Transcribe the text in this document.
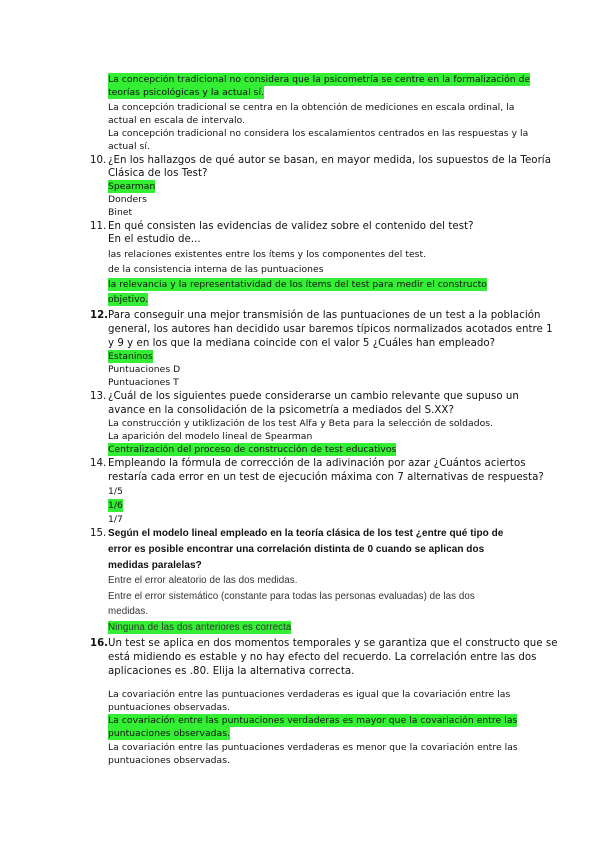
La concepción tradicional no considera que la psicometría se centre en la formalización de
teorías psicológicas y la actual sí.
La concepción tradicional se centra en la obtención de mediciones en escala ordinal, la
actual en escala de intervalo.
La concepción tradicional no considera los escalamientos centrados en las respuestas y la
actual sí.
10. ¿En los hallazgos de qué autor se basan, en mayor medida, los supuestos de la Teoría
Clásica de los Test?
Spearman
Donders
Binet
11. En qué consisten las evidencias de validez sobre el contenido del test?
En el estudio de...
las relaciones existentes entre los ítems y los componentes del test.
de la consistencia interna de las puntuaciones
la relevancia y la representatividad de los ítems del test para medir el constructo
objetivo.
12. Para conseguir una mejor transmisión de las puntuaciones de un test a la población
general, los autores han decidido usar baremos típicos normalizados acotados entre 1
y 9 y en los que la mediana coincide con el valor 5 ¿Cuáles han empleado?
Estaninos
Puntuaciones D
Puntuaciones T
13. ¿Cuál de los siguientes puede considerarse un cambio relevante que supuso un
avance en la consolidación de la psicometría a mediados del S.XX?
La construcción y utiklización de los test Alfa y Beta para la selección de soldados.
La aparición del modelo lineal de Spearman
Centralización del proceso de construcción de test educativos
14. Empleando la fórmula de corrección de la adivinación por azar ¿Cuántos aciertos
restaría cada error en un test de ejecución máxima con 7 alternativas de respuesta?
1/5
1/6
1/7
15. Según el modelo lineal empleado en la teoría clásica de los test ¿entre qué tipo de
error es posible encontrar una correlación distinta de 0 cuando se aplican dos
medidas paralelas?
Entre el error aleatorio de las dos medidas.
Entre el error sistemático (constante para todas las personas evaluadas) de las dos
medidas.
Ninguna de las dos anteriores es correcta
16. Un test se aplica en dos momentos temporales y se garantiza que el constructo que se
está midiendo es estable y no hay efecto del recuerdo. La correlación entre las dos
aplicaciones es .80. Elija la alternativa correcta.
La covariación entre las puntuaciones verdaderas es igual que la covariación entre las
puntuaciones observadas.
La covariación entre las puntuaciones verdaderas es mayor que la covariación entre las
puntuaciones observadas.
La covariación entre las puntuaciones verdaderas es menor que la covariación entre las
puntuaciones observadas.
